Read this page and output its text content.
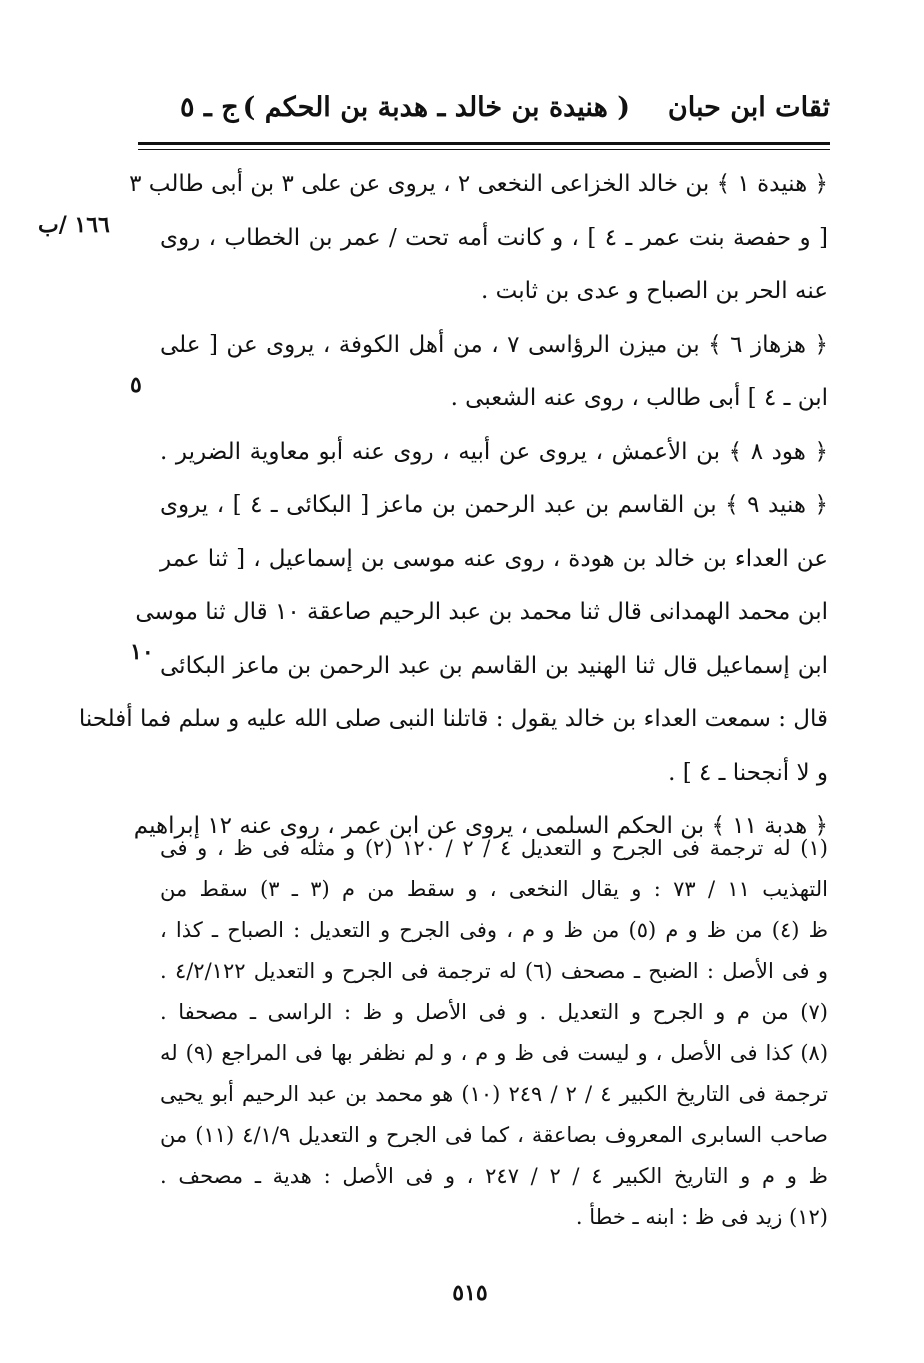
ثقات ابن حبان
( هنيدة بن خالد ـ هدبة بن الحكم )
ج ـ ٥
١٦٦ /ب
٥
١٠
﴿ هنيدة ١ ﴾ بن خالد الخزاعى النخعى ٢ ، يروى عن على ٣ بن أبى طالب ٣
[ و حفصة بنت عمر ـ ٤ ] ، و كانت أمه تحت / عمر بن الخطاب ، روى
عنه الحر بن الصباح و عدى بن ثابت .
﴿ هزهاز ٦ ﴾ بن ميزن الرؤاسى ٧ ، من أهل الكوفة ، يروى عن [ على
ابن ـ ٤ ] أبى طالب ، روى عنه الشعبى .
﴿ هود ٨ ﴾ بن الأعمش ، يروى عن أبيه ، روى عنه أبو معاوية الضرير .
﴿ هنيد ٩ ﴾ بن القاسم بن عبد الرحمن بن ماعز [ البكائى ـ ٤ ] ، يروى
عن العداء بن خالد بن هودة ، روى عنه موسى بن إسماعيل ، [ ثنا عمر
ابن محمد الهمدانى قال ثنا محمد بن عبد الرحيم صاعقة ١٠ قال ثنا موسى
ابن إسماعيل قال ثنا الهنيد بن القاسم بن عبد الرحمن بن ماعز البكائى
قال : سمعت العداء بن خالد يقول : قاتلنا النبى صلى الله عليه و سلم فما أفلحنا
و لا أنجحنا ـ ٤ ] .
﴿ هدبة ١١ ﴾ بن الحكم السلمى ، يروى عن ابن عمر ، روى عنه ١٢ إبراهيم
(١) له ترجمة فى الجرح و التعديل ٤ / ٢ / ١٢٠ (٢) و مثله فى ظ ، و فى
التهذيب ١١ / ٧٣ : و يقال النخعى ، و سقط من م (٣ ـ ٣) سقط من
ظ (٤) من ظ و م (٥) من ظ و م ، وفى الجرح و التعديل : الصباح ـ كذا ،
و فى الأصل : الضبح ـ مصحف (٦) له ترجمة فى الجرح و التعديل ٤/٢/١٢٢ .
(٧) من م و الجرح و التعديل . و فى الأصل و ظ : الراسى ـ مصحفا .
(٨) كذا فى الأصل ، و ليست فى ظ و م ، و لم نظفر بها فى المراجع (٩) له
ترجمة فى التاريخ الكبير ٤ / ٢ / ٢٤٩ (١٠) هو محمد بن عبد الرحيم أبو يحيى
صاحب السابرى المعروف بصاعقة ، كما فى الجرح و التعديل ٤/١/٩ (١١) من
ظ و م و التاريخ الكبير ٤ / ٢ / ٢٤٧ ، و فى الأصل : هدية ـ مصحف .
(١٢) زيد فى ظ : ابنه ـ خطأ .
٥١٥
